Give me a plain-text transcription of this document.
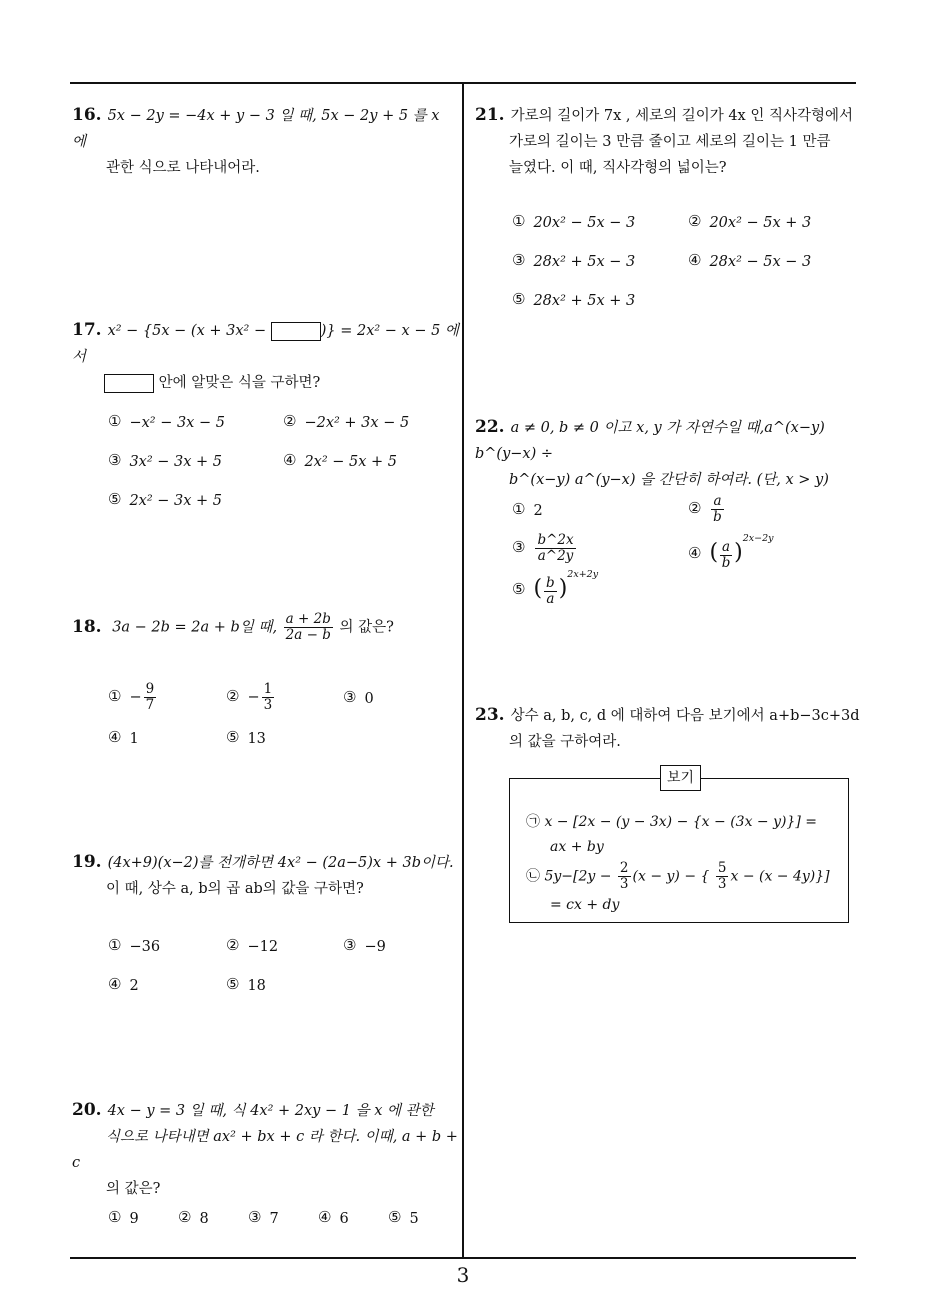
16. 5x − 2y = −4x + y − 3 일 때, 5x − 2y + 5 를 x 에
관한 식으로 나타내어라.
17. x² − {5x − (x + 3x² −	)} = 2x² − x − 5 에서
안에 알맞은 식을 구하면?
① −x² − 3x − 5	② −2x² + 3x − 5
③ 3x² − 3x + 5	④ 2x² − 5x + 5
⑤ 2x² − 3x + 5
18. 3a − 2b = 2a + b일 때, $\frac{a + 2b}{2a - b}$ 의 값은?
① − $\frac{9}{7}$	② − $\frac{1}{3}$	③ 0
④ 1	⑤ 13
19. (4x+9)(x−2)를 전개하면 4x² − (2a−5)x + 3b이다.
이 때, 상수 a, b의 곱 ab의 값을 구하면?
① −36	② −12	③ −9
④ 2	⑤ 18
20. 4x − y = 3 일 때, 식 4x² + 2xy − 1 을 x 에 관한
식으로 나타내면 ax² + bx + c 라 한다. 이때, a + b + c
의 값은?
① 9	② 8	③ 7	④ 6	⑤ 5
21. 가로의 길이가 7x , 세로의 길이가 4x 인 직사각형에서
가로의 길이는 3 만큼 줄이고 세로의 길이는 1 만큼
늘였다. 이 때, 직사각형의 넓이는?
① 20x² − 5x − 3	② 20x² − 5x + 3
③ 28x² + 5x − 3	④ 28x² − 5x − 3
⑤ 28x² + 5x + 3
22. a ≠ 0, b ≠ 0 이고 x, y 가 자연수일 때,a^(x−y) b^(y−x) ÷
b^(x−y) a^(y−x) 을 간단히 하여라. (단, x > y)
① 2	② $\frac{a}{b}$
③ $\frac{b\^{}2x}{a\^{}2y}$	④ ( $\frac{a}{b} )^{2x-2y}$
⑤ ( $\frac{b}{a} )^{2x+2y}$
23. 상수 a, b, c, d 에 대하여 다음 보기에서 a+b−3c+3d
의 값을 구하여라.
보기
㉠ x − [2x − (y − 3x) − {x − (3x − y)}] =
ax + by
㉡ $5y-[2y - \frac{2}{3} (x - y)$ − { $\frac{5}{3}$ x − (x − 4y)}]
= cx + dy
3
